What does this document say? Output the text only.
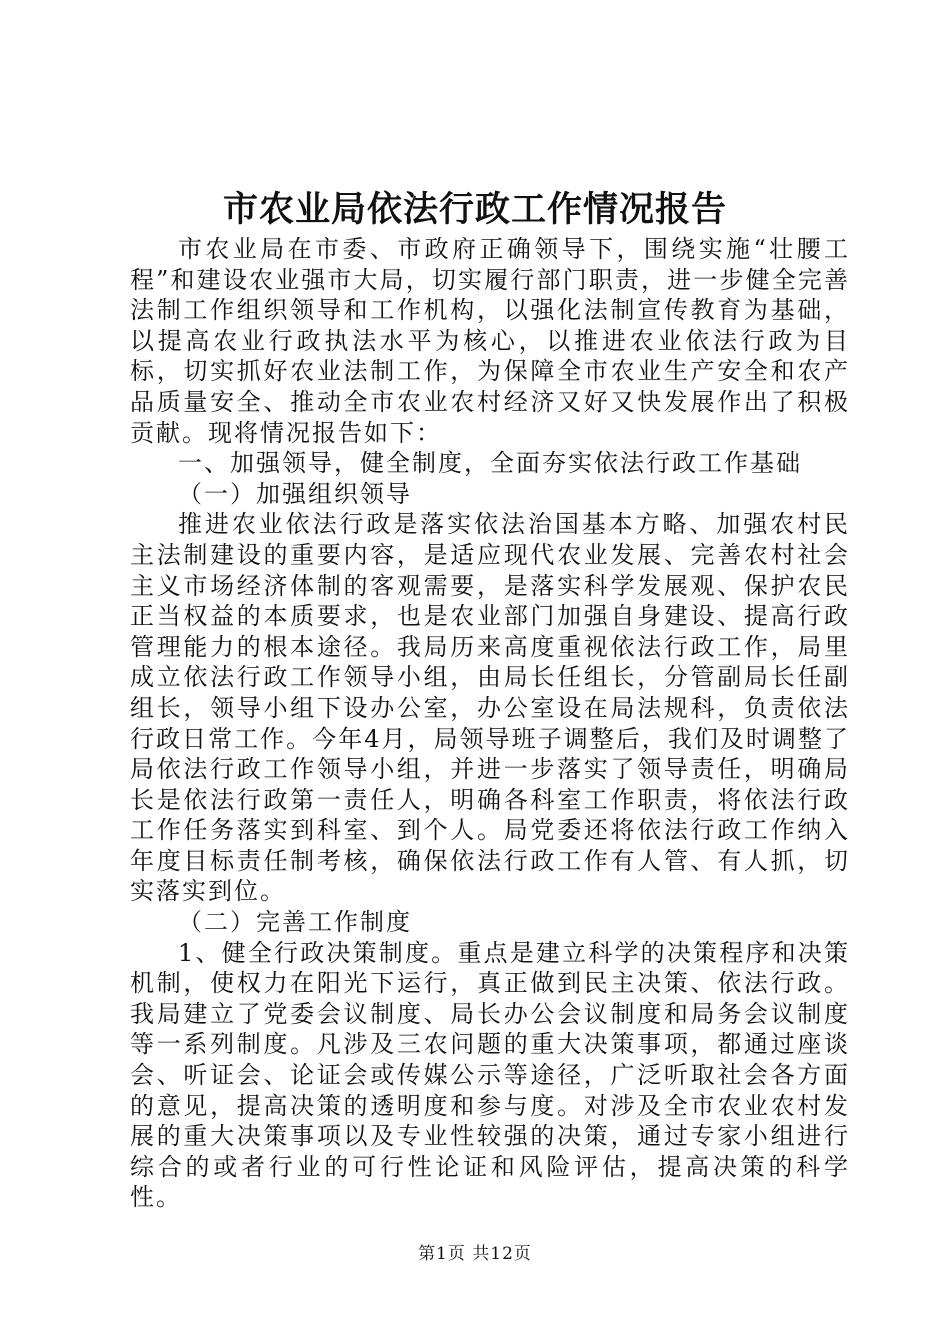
市农业局依法行政工作情况报告

市农业局在市委、市政府正确领导下，围绕实施“壮腰工程”和建设农业强市大局，切实履行部门职责，进一步健全完善法制工作组织领导和工作机构，以强化法制宣传教育为基础，以提高农业行政执法水平为核心，以推进农业依法行政为目标，切实抓好农业法制工作，为保障全市农业生产安全和农产品质量安全、推动全市农业农村经济又好又快发展作出了积极贡献。现将情况报告如下：

一、加强领导，健全制度，全面夯实依法行政工作基础

（一）加强组织领导

推进农业依法行政是落实依法治国基本方略、加强农村民主法制建设的重要内容，是适应现代农业发展、完善农村社会主义市场经济体制的客观需要，是落实科学发展观、保护农民正当权益的本质要求，也是农业部门加强自身建设、提高行政管理能力的根本途径。我局历来高度重视依法行政工作，局里成立依法行政工作领导小组，由局长任组长，分管副局长任副组长，领导小组下设办公室，办公室设在局法规科，负责依法行政日常工作。今年4月，局领导班子调整后，我们及时调整了局依法行政工作领导小组，并进一步落实了领导责任，明确局长是依法行政第一责任人，明确各科室工作职责，将依法行政工作任务落实到科室、到个人。局党委还将依法行政工作纳入年度目标责任制考核，确保依法行政工作有人管、有人抓，切实落实到位。

（二）完善工作制度

1、健全行政决策制度。重点是建立科学的决策程序和决策机制，使权力在阳光下运行，真正做到民主决策、依法行政。我局建立了党委会议制度、局长办公会议制度和局务会议制度等一系列制度。凡涉及三农问题的重大决策事项，都通过座谈会、听证会、论证会或传媒公示等途径，广泛听取社会各方面的意见，提高决策的透明度和参与度。对涉及全市农业农村发展的重大决策事项以及专业性较强的决策，通过专家小组进行综合的或者行业的可行性论证和风险评估，提高决策的科学性。

第1页 共12页
